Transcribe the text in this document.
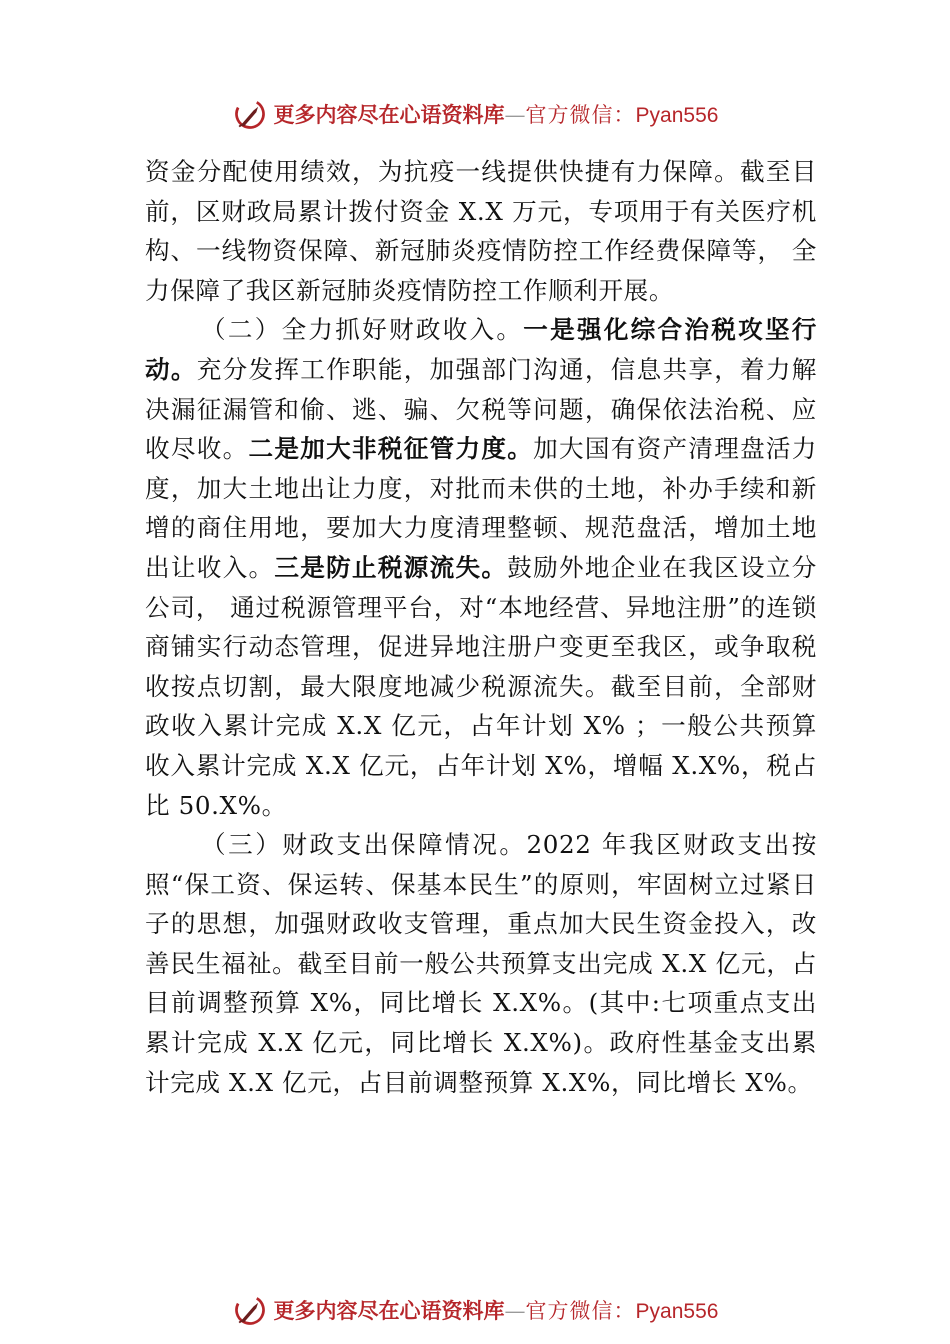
更多内容尽在心语资料库—官方微信：Pyan556

资金分配使用绩效，为抗疫一线提供快捷有力保障。截至目前，区财政局累计拨付资金 X.X 万元，专项用于有关医疗机构、一线物资保障、新冠肺炎疫情防控工作经费保障等， 全力保障了我区新冠肺炎疫情防控工作顺利开展。

（二）全力抓好财政收入。一是强化综合治税攻坚行动。充分发挥工作职能，加强部门沟通，信息共享，着力解决漏征漏管和偷、逃、骗、欠税等问题，确保依法治税、应收尽收。二是加大非税征管力度。加大国有资产清理盘活力度，加大土地出让力度，对批而未供的土地，补办手续和新增的商住用地，要加大力度清理整顿、规范盘活，增加土地出让收入。三是防止税源流失。鼓励外地企业在我区设立分公司， 通过税源管理平台，对“本地经营、异地注册”的连锁商铺实行动态管理，促进异地注册户变更至我区，或争取税收按点切割，最大限度地减少税源流失。截至目前，全部财政收入累计完成 X.X 亿元，占年计划 X% ；一般公共预算收入累计完成 X.X 亿元，占年计划 X%，增幅 X.X%，税占比 50.X%。

（三）财政支出保障情况。2022 年我区财政支出按照“保工资、保运转、保基本民生”的原则，牢固树立过紧日子的思想，加强财政收支管理，重点加大民生资金投入，改善民生福祉。截至目前一般公共预算支出完成 X.X 亿元，占目前调整预算 X%，同比增长 X.X%。(其中:七项重点支出累计完成 X.X 亿元，同比增长 X.X%)。政府性基金支出累计完成 X.X 亿元，占目前调整预算 X.X%，同比增长 X%。

更多内容尽在心语资料库—官方微信：Pyan556
